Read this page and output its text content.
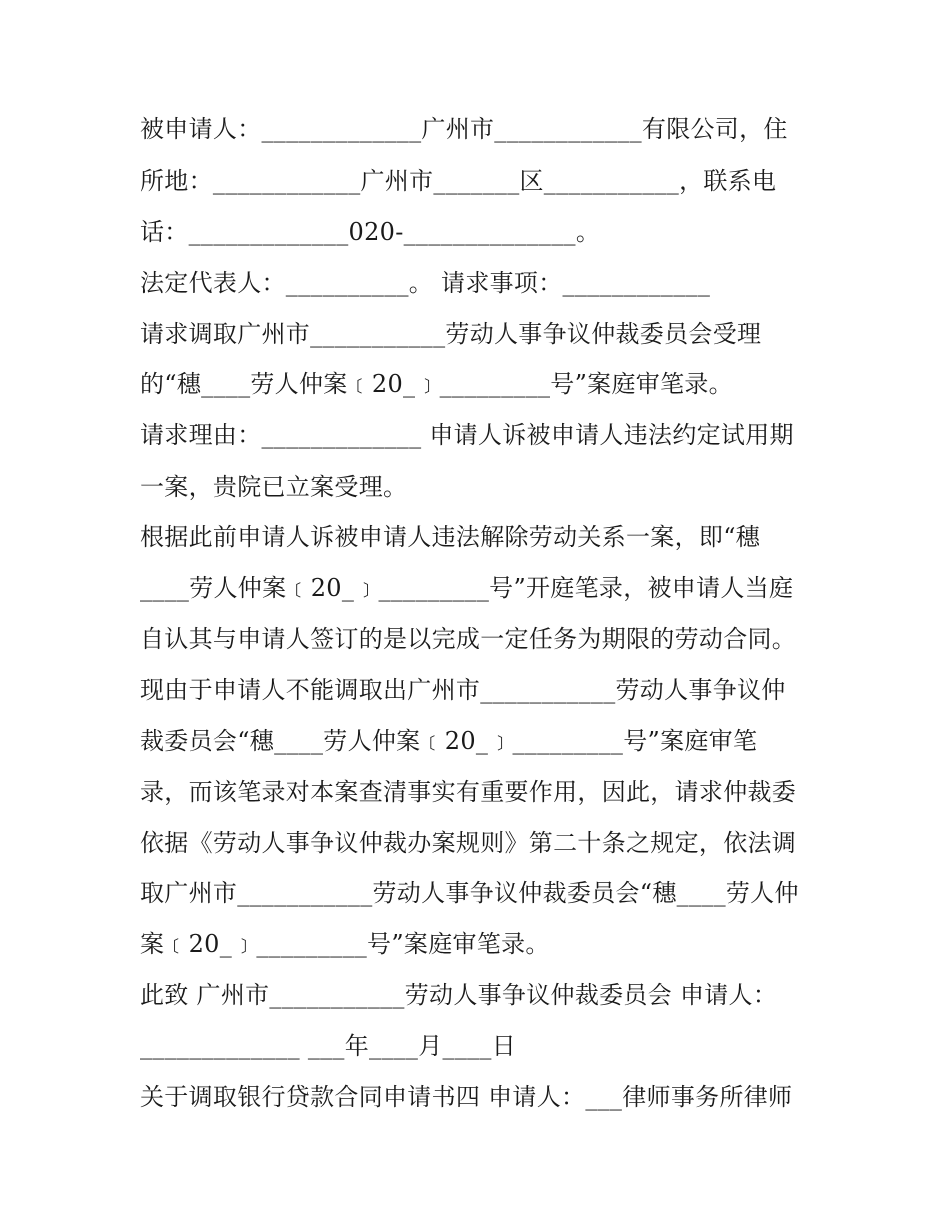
被申请人：_____________广州市____________有限公司，住
所地：____________广州市_______区___________，联系电
话：_____________020-______________。
法定代表人：__________。 请求事项：____________
请求调取广州市___________劳动人事争议仲裁委员会受理
的“穗____劳人仲案﹝20_﹞_________号”案庭审笔录。
请求理由：_____________ 申请人诉被申请人违法约定试用期
一案，贵院已立案受理。
根据此前申请人诉被申请人违法解除劳动关系一案，即“穗
____劳人仲案﹝20_﹞_________号”开庭笔录，被申请人当庭
自认其与申请人签订的是以完成一定任务为期限的劳动合同。
现由于申请人不能调取出广州市___________劳动人事争议仲
裁委员会“穗____劳人仲案﹝20_﹞_________号”案庭审笔
录，而该笔录对本案查清事实有重要作用，因此，请求仲裁委
依据《劳动人事争议仲裁办案规则》第二十条之规定，依法调
取广州市___________劳动人事争议仲裁委员会“穗____劳人仲
案﹝20_﹞_________号”案庭审笔录。
此致 广州市___________劳动人事争议仲裁委员会 申请人：
_____________ ___年____月____日
关于调取银行贷款合同申请书四 申请人：___律师事务所律师
